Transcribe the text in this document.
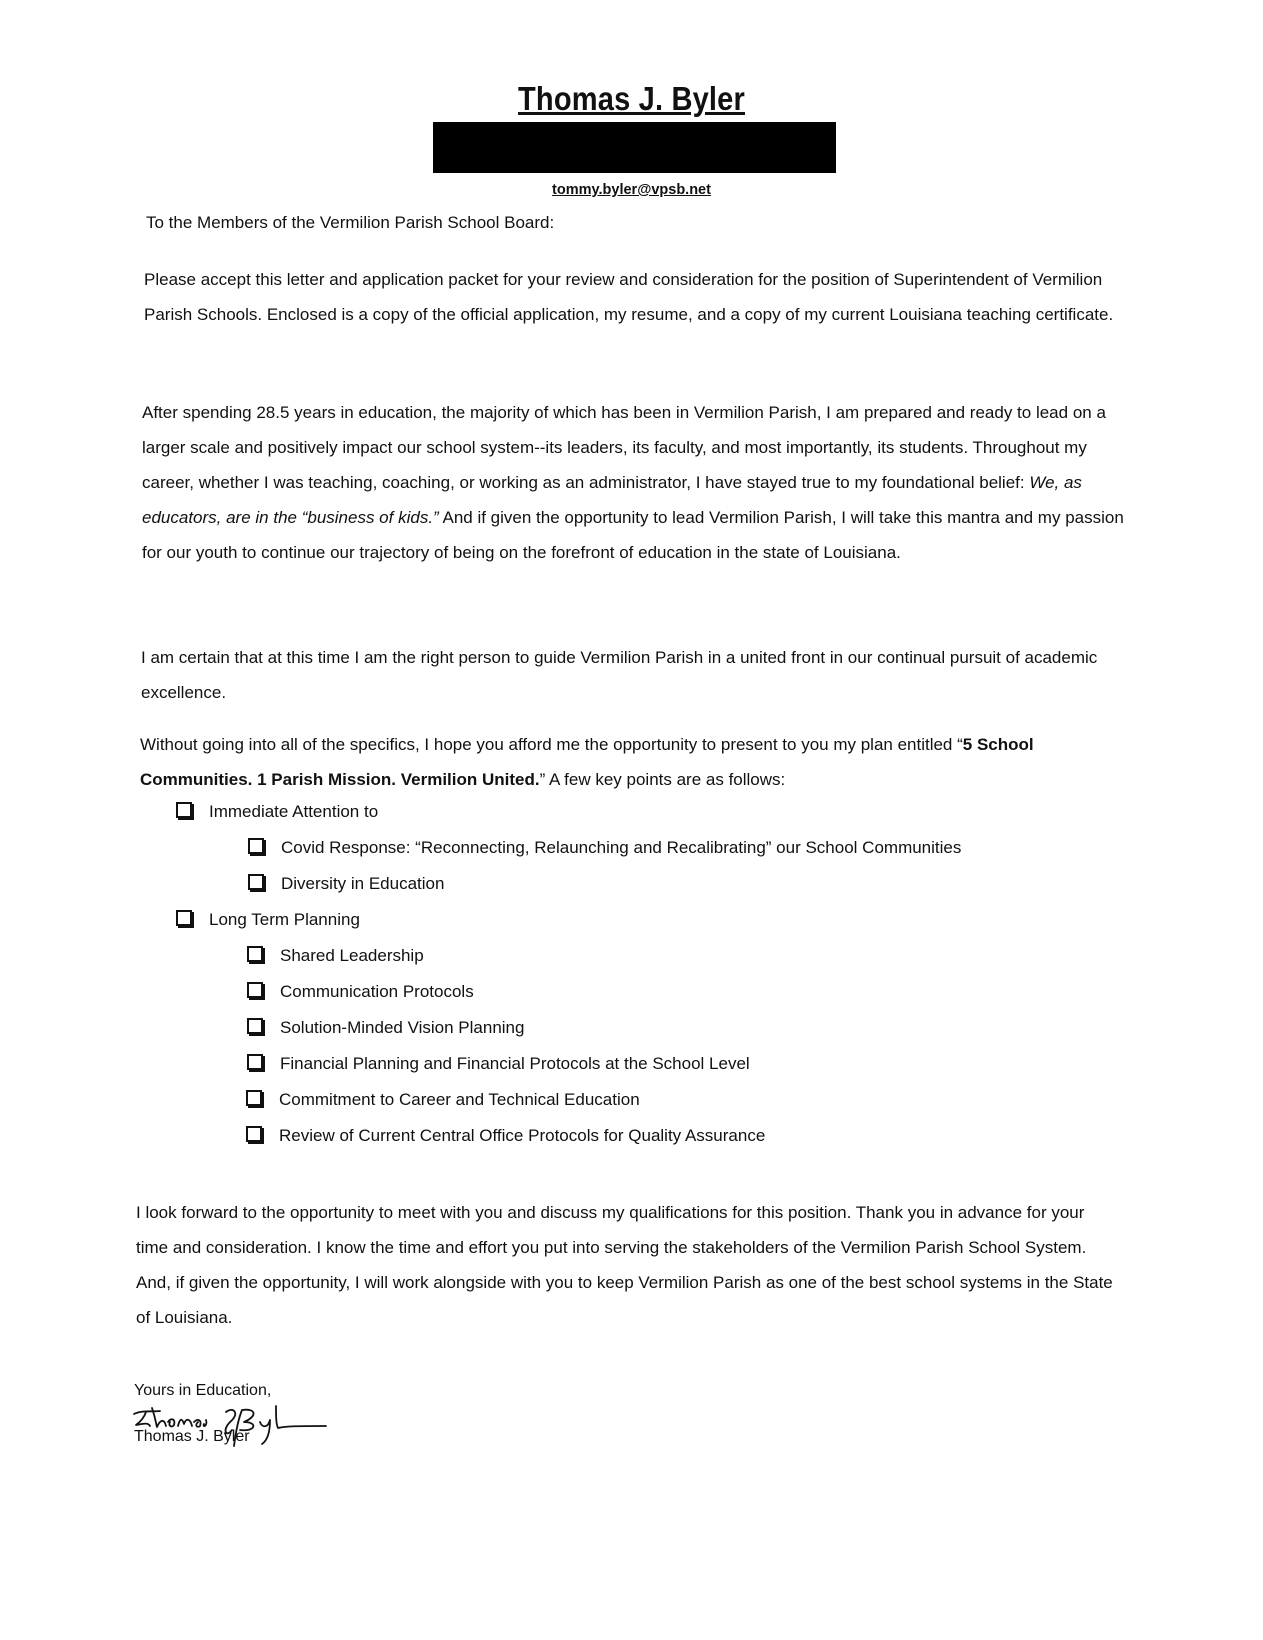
Thomas J. Byler
tommy.byler@vpsb.net
To the Members of the Vermilion Parish School Board:
Please accept this letter and application packet for your review and consideration for the position of Superintendent of Vermilion Parish Schools. Enclosed is a copy of the official application, my resume, and a copy of my current Louisiana teaching certificate.
After spending 28.5 years in education, the majority of which has been in Vermilion Parish, I am prepared and ready to lead on a larger scale and positively impact our school system--its leaders, its faculty, and most importantly, its students. Throughout my career, whether I was teaching, coaching, or working as an administrator, I have stayed true to my foundational belief: We, as educators, are in the “business of kids.” And if given the opportunity to lead Vermilion Parish, I will take this mantra and my passion for our youth to continue our trajectory of being on the forefront of education in the state of Louisiana.
I am certain that at this time I am the right person to guide Vermilion Parish in a united front in our continual pursuit of academic excellence.
Without going into all of the specifics, I hope you afford me the opportunity to present to you my plan entitled “5 School Communities. 1 Parish Mission. Vermilion United.” A few key points are as follows:
Immediate Attention to
Covid Response: “Reconnecting, Relaunching and Recalibrating” our School Communities
Diversity in Education
Long Term Planning
Shared Leadership
Communication Protocols
Solution-Minded Vision Planning
Financial Planning and Financial Protocols at the School Level
Commitment to Career and Technical Education
Review of Current Central Office Protocols for Quality Assurance
I look forward to the opportunity to meet with you and discuss my qualifications for this position. Thank you in advance for your time and consideration. I know the time and effort you put into serving the stakeholders of the Vermilion Parish School System. And, if given the opportunity, I will work alongside with you to keep Vermilion Parish as one of the best school systems in the State of Louisiana.
Yours in Education,
Thomas J. Byler
